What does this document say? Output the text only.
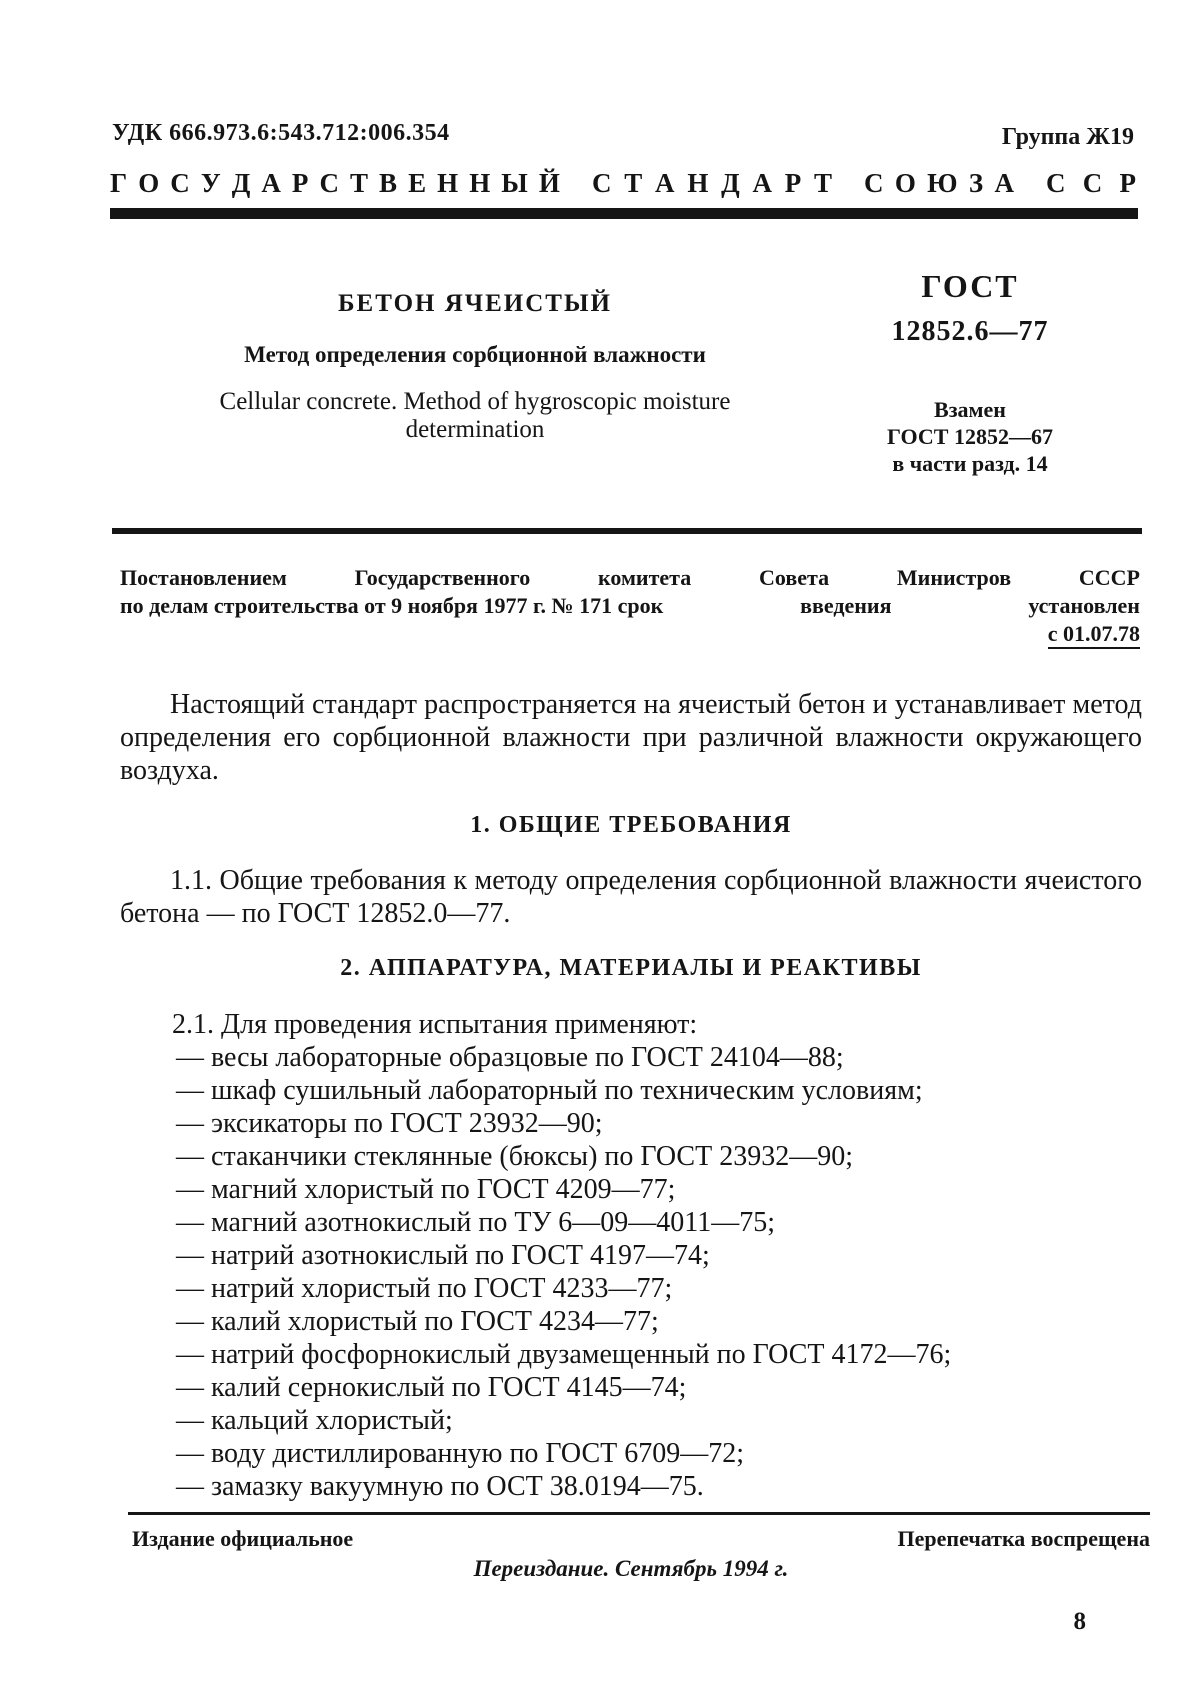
УДК 666.973.6:543.712:006.354	Группа Ж19
Г О С У Д А Р С Т В Е Н Н Ы Й С Т А Н Д А Р Т С О Ю З А С С Р
БЕТОН ЯЧЕИСТЫЙ
Метод определения сорбционной влажности
Cellular concrete. Method of hygroscopic moisture
determination
ГОСТ
12852.6—77
Взамен
ГОСТ 12852—67
в части разд. 14
Постановлением	Государственного	комитета	Совета	Министров	СССР
по делам строительства от 9 ноября 1977 г. № 171 срок	введения	установлен
с 01.07.78
Настоящий стандарт распространяется на ячеистый бетон и устанавливает метод определения его сорбционной влажности при различной влажности окружающего воздуха.
1. ОБЩИЕ ТРЕБОВАНИЯ
1.1. Общие требования к методу определения сорбционной влажности ячеистого бетона — по ГОСТ 12852.0—77.
2. АППАРАТУРА, МАТЕРИАЛЫ И РЕАКТИВЫ
2.1. Для проведения испытания применяют:
— весы лабораторные образцовые по ГОСТ 24104—88;
— шкаф сушильный лабораторный по техническим условиям;
— эксикаторы по ГОСТ 23932—90;
— стаканчики стеклянные (бюксы) по ГОСТ 23932—90;
— магний хлористый по ГОСТ 4209—77;
— магний азотнокислый по ТУ 6—09—4011—75;
— натрий азотнокислый по ГОСТ 4197—74;
— натрий хлористый по ГОСТ 4233—77;
— калий хлористый по ГОСТ 4234—77;
— натрий фосфорнокислый двузамещенный по ГОСТ 4172—76;
— калий сернокислый по ГОСТ 4145—74;
— кальций хлористый;
— воду дистиллированную по ГОСТ 6709—72;
— замазку вакуумную по ОСТ 38.0194—75.
Издание официальное	Перепечатка воспрещена
Переиздание. Сентябрь 1994 г.
8
